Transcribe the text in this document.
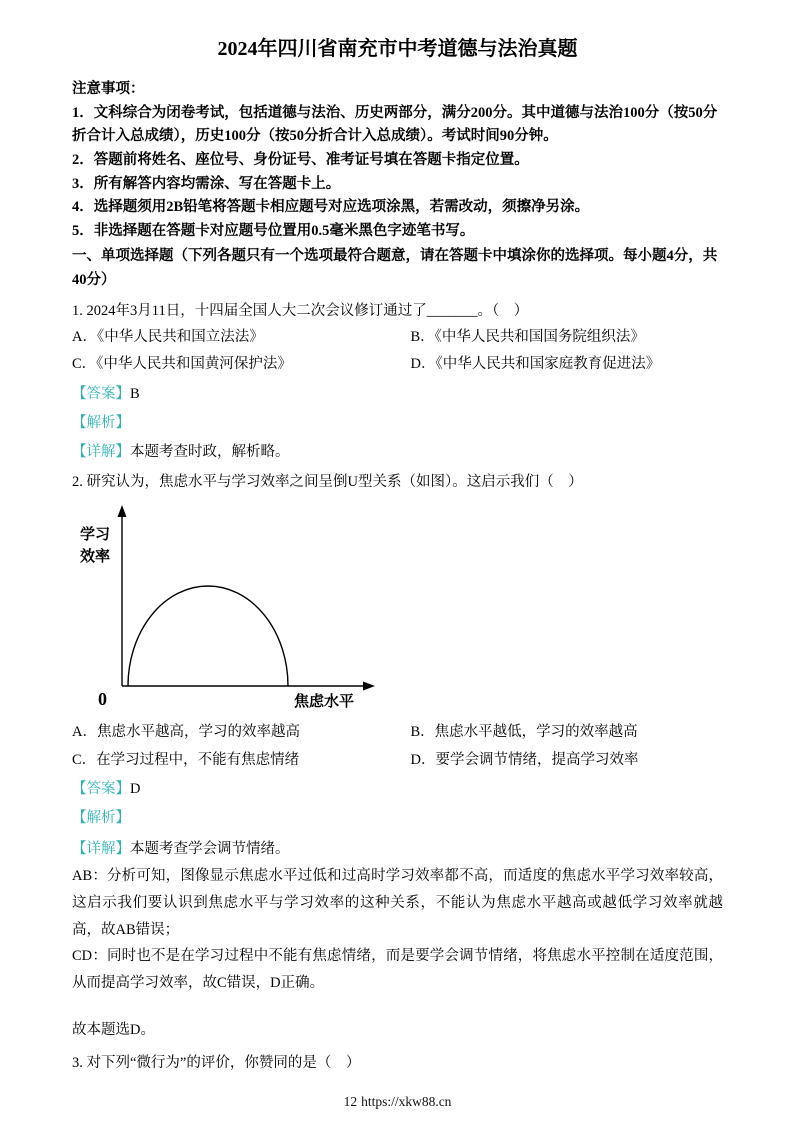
2024年四川省南充市中考道德与法治真题

注意事项：

1．文科综合为闭卷考试，包括道德与法治、历史两部分，满分200分。其中道德与法治100分（按50分折合计入总成绩），历史100分（按50分折合计入总成绩）。考试时间90分钟。

2．答题前将姓名、座位号、身份证号、准考证号填在答题卡指定位置。

3．所有解答内容均需涂、写在答题卡上。

4．选择题须用2B铅笔将答题卡相应题号对应选项涂黑，若需改动，须擦净另涂。

5．非选择题在答题卡对应题号位置用0.5毫米黑色字迹笔书写。

一、单项选择题（下列各题只有一个选项最符合题意，请在答题卡中填涂你的选择项。每小题4分，共40分）

1. 2024年3月11日，十四届全国人大二次会议修订通过了_______。（　）

A．《中华人民共和国立法法》	B．《中华人民共和国国务院组织法》
C．《中华人民共和国黄河保护法》	D．《中华人民共和国家庭教育促进法》

【答案】B

【解析】

【详解】本题考查时政，解析略。

2. 研究认为，焦虑水平与学习效率之间呈倒U型关系（如图）。这启示我们（　）

学习
效率
0	焦虑水平
A．焦虑水平越高，学习的效率越高	B．焦虑水平越低，学习的效率越高
C．在学习过程中，不能有焦虑情绪	D．要学会调节情绪，提高学习效率

【答案】D

【解析】

【详解】本题考查学会调节情绪。

AB：分析可知，图像显示焦虑水平过低和过高时学习效率都不高，而适度的焦虑水平学习效率较高，这启示我们要认识到焦虑水平与学习效率的这种关系，不能认为焦虑水平越高或越低学习效率就越高，故AB错误；

CD：同时也不是在学习过程中不能有焦虑情绪，而是要学会调节情绪，将焦虑水平控制在适度范围，从而提高学习效率，故C错误，D正确。

故本题选D。

3. 对下列“微行为”的评价，你赞同的是（　）

12 https://xkw88.cn
